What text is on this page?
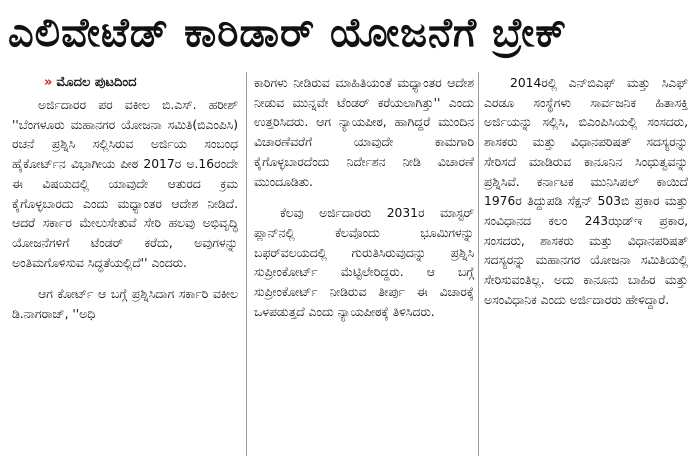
ಎಲಿವೇಟೆಡ್ ಕಾರಿಡಾರ್ ಯೋಜನೆಗೆ ಬ್ರೇಕ್
» ಮೊದಲ ಪುಟದಿಂದ

ಅರ್ಜಿದಾರರ ಪರ ವಕೀಲ ಬಿ.ಎಸ್. ಹರೀಶ್ ''ಬೆಂಗಳೂರು ಮಹಾನಗರ ಯೋಜನಾ ಸಮಿತಿ(ಬಿಎಂಪಿಸಿ) ರಚನೆ ಪ್ರಶ್ನಿಸಿ ಸಲ್ಲಿಸಿರುವ ಅರ್ಜಿಯ ಸಂಬಂಧ ಹೈಕೋರ್ಟ್‌ನ ವಿಭಾಗೀಯ ಪೀಠ 2017ರ ಅ.16ರಂದೇ ಈ ವಿಷಯದಲ್ಲಿ ಯಾವುದೇ ಆತುರದ ಕ್ರಮ ಕೈಗೊಳ್ಳಬಾರದು ಎಂದು ಮಧ್ಯಾಂತರ ಆದೇಶ ನೀಡಿದೆ. ಆದರೆ ಸರ್ಕಾರ ಮೇಲುಸೇತುವೆ ಸೇರಿ ಹಲವು ಅಭಿವೃದ್ಧಿ ಯೋಜನೆಗಳಿಗೆ ಟೆಂಡರ್ ಕರೆದು, ಅವುಗಳನ್ನು ಅಂತಿಮಗೊಳಿಸುವ ಸಿದ್ಧತೆಯಲ್ಲಿದೆ'' ಎಂದರು.

ಆಗ ಕೋರ್ಟ್ ಆ ಬಗ್ಗೆ ಪ್ರಶ್ನಿಸಿದಾಗ ಸರ್ಕಾರಿ ವಕೀಲ ಡಿ.ನಾಗರಾಜ್, ''ಅಧಿ

ಕಾರಿಗಳು ನೀಡಿರುವ ಮಾಹಿತಿಯಂತೆ ಮಧ್ಯಾಂತರ ಆದೇಶ ನೀಡುವ ಮುನ್ನವೇ ಟೆಂಡರ್ ಕರೆಯಲಾಗಿತ್ತು'' ಎಂದು ಉತ್ತರಿಸಿದರು. ಆಗ ನ್ಯಾಯಪೀಠ, ಹಾಗಿದ್ದರೆ ಮುಂದಿನ ವಿಚಾರಣೆವರೆಗೆ ಯಾವುದೇ ಕಾಮಗಾರಿ ಕೈಗೊಳ್ಳಬಾರದೆಂದು ನಿರ್ದೇಶನ ನೀಡಿ ವಿಚಾರಣೆ ಮುಂದೂಡಿತು.

ಕೆಲವು ಅರ್ಜಿದಾರರು 2031ರ ಮಾಸ್ಟರ್ ಪ್ಲಾನ್‌ನಲ್ಲಿ ಕೆಲವೊಂದು ಭೂಮಿಗಳನ್ನು ಬಫರ್‌ವಲಯದಲ್ಲಿ ಗುರುತಿಸಿರುವುದನ್ನು ಪ್ರಶ್ನಿಸಿ ಸುಪ್ರೀಂಕೋರ್ಟ್ ಮೆಟ್ಟಿಲೇರಿದ್ದರು. ಆ ಬಗ್ಗೆ ಸುಪ್ರೀಂಕೋರ್ಟ್ ನೀಡಿರುವ ತೀರ್ಪು ಈ ವಿಚಾರಕ್ಕೆ ಒಳಪಡುತ್ತದೆ ಎಂದು ನ್ಯಾಯಪೀಠಕ್ಕೆ ತಿಳಿಸಿದರು.

2014ರಲ್ಲಿ ಎನ್‌ಬಿಎಫ್ ಮತ್ತು ಸಿಎಫ್ ಎರಡೂ ಸಂಸ್ಥೆಗಳು ಸಾರ್ವಜನಿಕ ಹಿತಾಸಕ್ತಿ ಅರ್ಜಿಯನ್ನು ಸಲ್ಲಿಸಿ, ಬಿಎಂಪಿಸಿಯಲ್ಲಿ ಸಂಸದರು, ಶಾಸಕರು ಮತ್ತು ವಿಧಾನಪರಿಷತ್ ಸದಸ್ಯರನ್ನು ಸೇರಿಸದೆ ಮಾಡಿರುವ ಕಾನೂನಿನ ಸಿಂಧುತ್ವವನ್ನು ಪ್ರಶ್ನಿಸಿವೆ. ಕರ್ನಾಟಕ ಮುನಿಸಿಪಲ್ ಕಾಯಿದೆ 1976ರ ತಿದ್ದುಪಡಿ ಸೆಕ್ಷನ್ 503ಬಿ ಪ್ರಕಾರ ಮತ್ತು ಸಂವಿಧಾನದ ಕಲಂ 243ಝಡ್‌ಇ ಪ್ರಕಾರ, ಸಂಸದರು, ಶಾಸಕರು ಮತ್ತು ವಿಧಾನಪರಿಷತ್ ಸದಸ್ಯರನ್ನು ಮಹಾನಗರ ಯೋಜನಾ ಸಮಿತಿಯಲ್ಲಿ ಸೇರಿಸುವಂತಿಲ್ಲ. ಅದು ಕಾನೂನು ಬಾಹಿರ ಮತ್ತು ಅಸಂವಿಧಾನಿಕ ಎಂದು ಅರ್ಜಿದಾರರು ಹೇಳಿದ್ದಾರೆ.
